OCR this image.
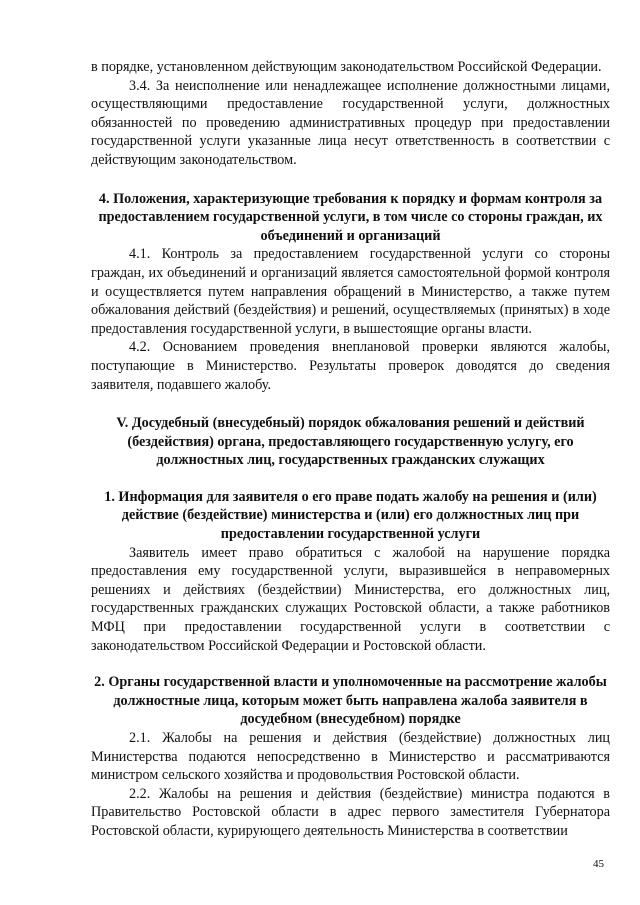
в порядке, установленном действующим законодательством Российской Федерации.

3.4. За неисполнение или ненадлежащее исполнение должностными лицами, осуществляющими предоставление государственной услуги, должностных обязанностей по проведению административных процедур при предоставлении государственной услуги указанные лица несут ответственность в соответствии с действующим законодательством.

4. Положения, характеризующие требования к порядку и формам контроля за предоставлением государственной услуги, в том числе со стороны граждан, их объединений и организаций

4.1. Контроль за предоставлением государственной услуги со стороны граждан, их объединений и организаций является самостоятельной формой контроля и осуществляется путем направления обращений в Министерство, а также путем обжалования действий (бездействия) и решений, осуществляемых (принятых) в ходе предоставления государственной услуги, в вышестоящие органы власти.

4.2. Основанием проведения внеплановой проверки являются жалобы, поступающие в Министерство. Результаты проверок доводятся до сведения заявителя, подавшего жалобу.

V. Досудебный (внесудебный) порядок обжалования решений и действий (бездействия) органа, предоставляющего государственную услугу, его должностных лиц, государственных гражданских служащих

1. Информация для заявителя о его праве подать жалобу на решения и (или) действие (бездействие) министерства и (или) его должностных лиц при предоставлении государственной услуги

Заявитель имеет право обратиться с жалобой на нарушение порядка предоставления ему государственной услуги, выразившейся в неправомерных решениях и действиях (бездействии) Министерства, его должностных лиц, государственных гражданских служащих Ростовской области, а также работников МФЦ при предоставлении государственной услуги в соответствии с законодательством Российской Федерации и Ростовской области.

2. Органы государственной власти и уполномоченные на рассмотрение жалобы должностные лица, которым может быть направлена жалоба заявителя в досудебном (внесудебном) порядке

2.1. Жалобы на решения и действия (бездействие) должностных лиц Министерства подаются непосредственно в Министерство и рассматриваются министром сельского хозяйства и продовольствия Ростовской области.

2.2. Жалобы на решения и действия (бездействие) министра подаются в Правительство Ростовской области в адрес первого заместителя Губернатора Ростовской области, курирующего деятельность Министерства в соответствии

45
